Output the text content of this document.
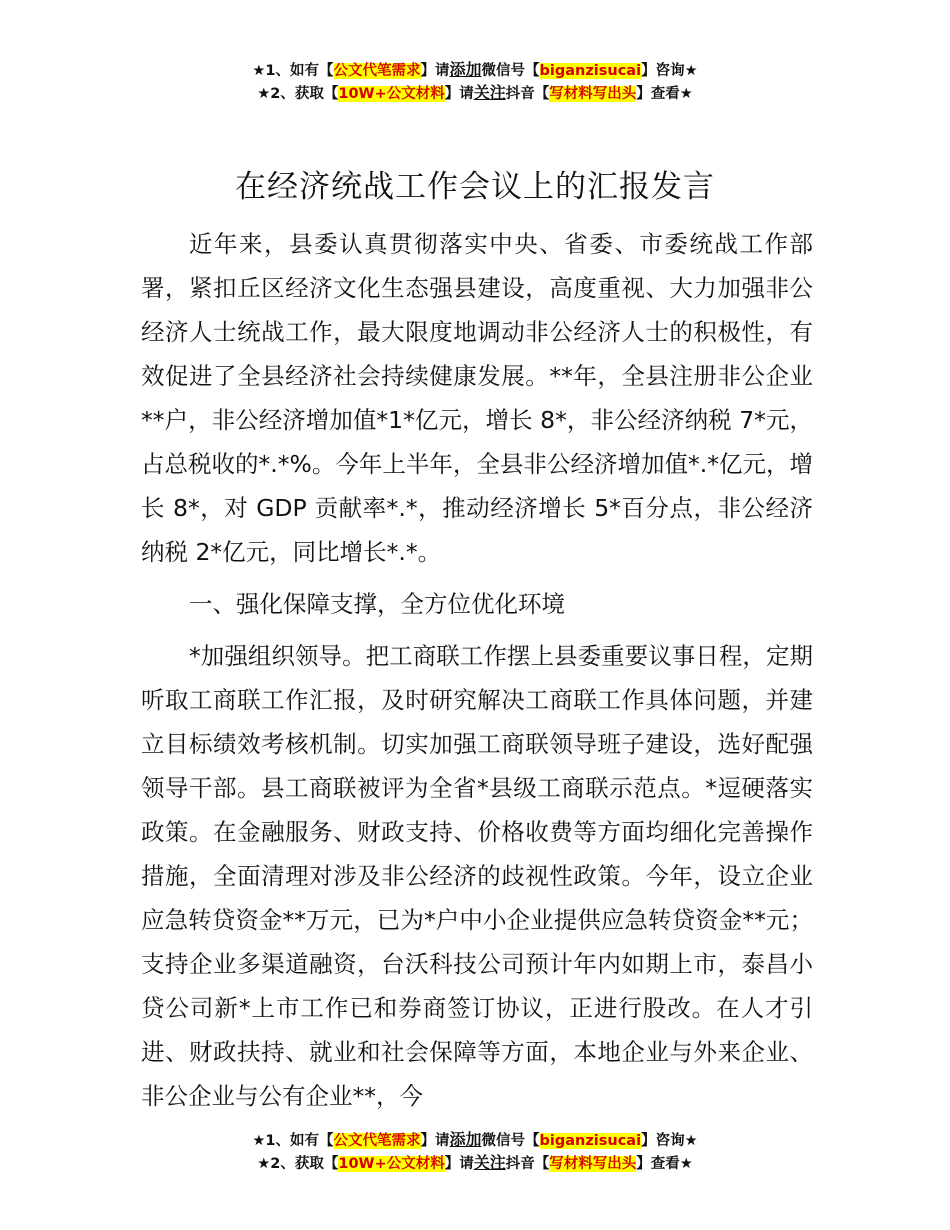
★1、如有【公文代笔需求】请添加微信号【biganzisucai】咨询★
★2、获取【10W+公文材料】请关注抖音【写材料写出头】查看★
在经济统战工作会议上的汇报发言

近年来，县委认真贯彻落实中央、省委、市委统战工作部署，紧扣丘区经济文化生态强县建设，高度重视、大力加强非公经济人士统战工作，最大限度地调动非公经济人士的积极性，有效促进了全县经济社会持续健康发展。**年，全县注册非公企业**户，非公经济增加值*1*亿元，增长 8*，非公经济纳税 7*元，占总税收的*.*%。今年上半年，全县非公经济增加值*.*亿元，增长 8*，对 GDP 贡献率*.*，推动经济增长 5*百分点，非公经济纳税 2*亿元，同比增长*.*。

一、强化保障支撑，全方位优化环境

*加强组织领导。把工商联工作摆上县委重要议事日程，定期听取工商联工作汇报，及时研究解决工商联工作具体问题，并建立目标绩效考核机制。切实加强工商联领导班子建设，选好配强领导干部。县工商联被评为全省*县级工商联示范点。*逗硬落实政策。在金融服务、财政支持、价格收费等方面均细化完善操作措施，全面清理对涉及非公经济的歧视性政策。今年，设立企业应急转贷资金**万元，已为*户中小企业提供应急转贷资金**元；支持企业多渠道融资，台沃科技公司预计年内如期上市，泰昌小贷公司新*上市工作已和券商签订协议，正进行股改。在人才引进、财政扶持、就业和社会保障等方面，本地企业与外来企业、非公企业与公有企业**，今

★1、如有【公文代笔需求】请添加微信号【biganzisucai】咨询★
★2、获取【10W+公文材料】请关注抖音【写材料写出头】查看★
